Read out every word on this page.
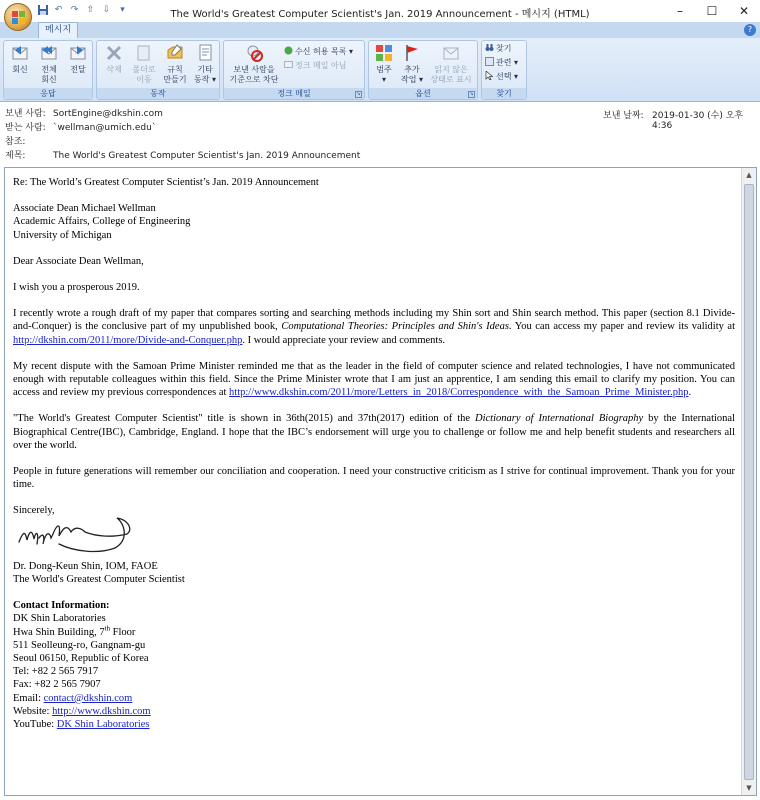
↶ ↷ ⇧ ⇩	▾	The World's Greatest Computer Scientist's Jan. 2019 Announcement - 메시지 (HTML)	–	☐	✕
메시지	?
회신	전체
회신
전달
응답
삭제	폴더로
이동
규칙
만들기
기타
동작 ▾
동작
보낸 사람을
기준으로 차단
수신 허용 목록 ▾
정크 메일 아님
정크 메일	↘
범주
▾
추가
작업 ▾
읽지 않은
상태로 표시
옵션	↘
찾기
관련 ▾
선택 ▾
찾기
보낸 사람: SortEngine@dkshin.com
받는 사람: `wellman@umich.edu`
참조:
제목:	The World's Greatest Computer Scientist's Jan. 2019 Announcement
보낸 날짜: 2019-01-30 (수) 오후 4:36

Re: The World’s Greatest Computer Scientist’s Jan. 2019 Announcement

Associate Dean Michael Wellman
Academic Affairs, College of Engineering
University of Michigan

Dear Associate Dean Wellman,

I wish you a prosperous 2019.

I recently wrote a rough draft of my paper that compares sorting and searching methods including my Shin sort and Shin search method. This paper (section 8.1 Divide-and-Conquer) is the conclusive part of my unpublished book, Computational Theories: Principles and Shin's Ideas. You can access my paper and review its validity at http://dkshin.com/2011/more/Divide-and-Conquer.php. I would appreciate your review and comments.

My recent dispute with the Samoan Prime Minister reminded me that as the leader in the field of computer science and related technologies, I have not communicated enough with reputable colleagues within this field. Since the Prime Minister wrote that I am just an apprentice, I am sending this email to clarify my position. You can access and review my previous correspondences at http://www.dkshin.com/2011/more/Letters_in_2018/Correspondence_with_the_Samoan_Prime_Minister.php.

"The World's Greatest Computer Scientist" title is shown in 36th(2015) and 37th(2017) edition of the Dictionary of International Biography by the International Biographical Centre(IBC), Cambridge, England. I hope that the IBC’s endorsement will urge you to challenge or follow me and help benefit students and researchers all over the world.

People in future generations will remember our conciliation and cooperation. I need your constructive criticism as I strive for continual improvement. Thank you for your time.

Sincerely,
Dr. Dong-Keun Shin, IOM, FAOE
The World's Greatest Computer Scientist
Contact Information:
DK Shin Laboratories
Hwa Shin Building, 7th Floor
511 Seolleung-ro, Gangnam-gu
Seoul 06150, Republic of Korea
Tel: +82 2 565 7917
Fax: +82 2 565 7907
Email: contact@dkshin.com
Website: http://www.dkshin.com
YouTube: DK Shin Laboratories
▲
▼
